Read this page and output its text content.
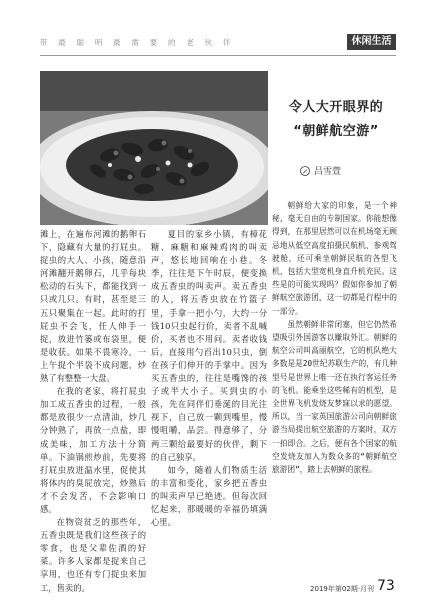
带 最 聪 明 最 需 要 的 老 伙 伴	休闲生活

滩上，在遍布河滩的鹅卵石下，隐藏有大量的打屁虫。捉虫的大人、小孩，随意沿河滩翻开鹅卵石，几乎每块松动的石头下，都能找到一只或几只。有时，甚至是三五只聚集在一起。此时的打屁虫不会飞，任人伸手一捉，放进竹篓或布袋里，便是收获。如果不畏寒冷，一上午捉个半袋不成问题，炒熟了有整整一大盘。

在我的老家，将打屁虫加工成五香虫的过程，一般都是放很少一点清油，炒几分钟熟了，再放一点盐，即成美味，加工方法十分简单。下油锅煎炒前，先要将打屁虫放进温水里，促使其将体内的臭屁放完，炒熟后才不会发苦，不会影响口感。

在物资贫乏的那些年，五香虫既是我们这些孩子的零食，也是父辈佐酒的好菜。许多人家都是捉来自己享用，也还有专门捉虫来加工，售卖的。

夏目的家乡小镇，有樟花糖、麻糖和麻辣鸡肉的叫卖声，悠长地回响在小巷。冬季，往往是下午时辰，便变换成五香虫的叫卖声。卖五香虫的人，将五香虫放在竹篮子里，手拿一把小勺，大约一分钱10只虫起行价，卖者不乱喊价，买者也不用问。卖者收钱后，直接用勺舀出10只虫，倒在孩子们伸开的手掌中。因为买五香虫的，往往是嘴馋的孩子或半大小子。买到虫的小孩，先在同伴们垂涎的目光注视下，自己放一颗到嘴里，慢慢咀嚼，品尝。得意够了，分两三颗给最要好的伙伴，剩下的自己独享。

如今，随着人们物质生活的丰富和变化，家乡把五香虫的叫卖声早已绝迹。但每次回忆起来，那暖暖的幸福仍填满心里。

令人大开眼界的
“朝鲜航空游”
吕雪萱

朝鲜给大家的印象，是一个神秘、毫无自由的专制国家。你能想像得到，在那里居然可以在机场毫无顾忌地从低空高度拍摄民航机、参观驾驶舱，还可乘坐朝鲜民航的各型飞机，包括大型宽机身直升机充民。这些是的可能实现吗？假如你参加了朝鲜航空旅游团，这一切都是行程中的一部分。

虽然朝鲜非常闭塞，但它仍然希望吸引外国游客以赚取外汇。朝鲜的航空公司叫高丽航空，它的机队绝大多数是是20世纪苏联生产的，有几种型号是世界上唯一还在执行客运任务的飞机。能乘坐这些稀有的机型，是全世界飞机发烧友梦寐以求的愿望。所以，当一家英国旅游公司向朝鲜旅游当局提出航空旅游的方案时，双方一拍即合。之后，便有各个国家的航空发烧友加入为数众多的“朝鲜航空旅游团”，踏上去朝鲜的旅程。

2019年第02期·月刊 73
